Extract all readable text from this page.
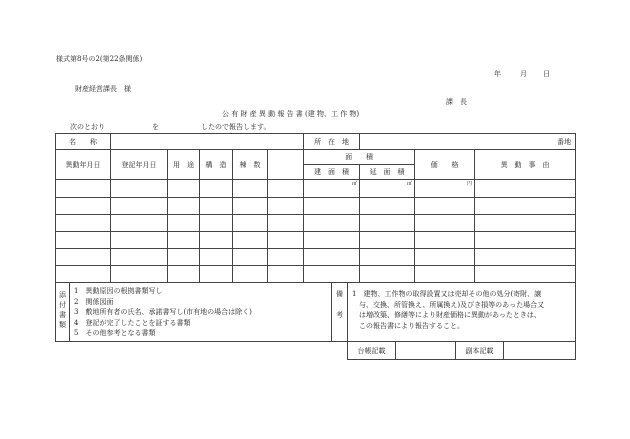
様式第8号の2(第22条関係)
年	月 日
財産経営課長　様
課　長
公 有 財 産 異 動 報 告 書 (建 物、工 作 物)
次のとおり	を	したので報告します。
名　　称						所　在　地	番地		
異動年月日	登記年月日	用　途	構　造	棟　数		面　　積		価　　格	異　動　事　由
						建　面　積	延　面　積		
						㎡	㎡	円	

添付書類	1　異動原因の根拠書類写し
2　関係図面
3　敷地所有者の氏名、承諾書写し(市有地の場合は除く)
4　登記が完了したことを証する書類
5　その他参考となる書類
	備考	1　建物、工作物の取得設置又は売却その他の処分(寄附、譲
　与、交換、所管換え、所属換え)及びき損等のあった場合又
　は増改築、修繕等により財産価格に異動があったときは、
　この報告書により報告すること。
台帳記載		副本記載	
